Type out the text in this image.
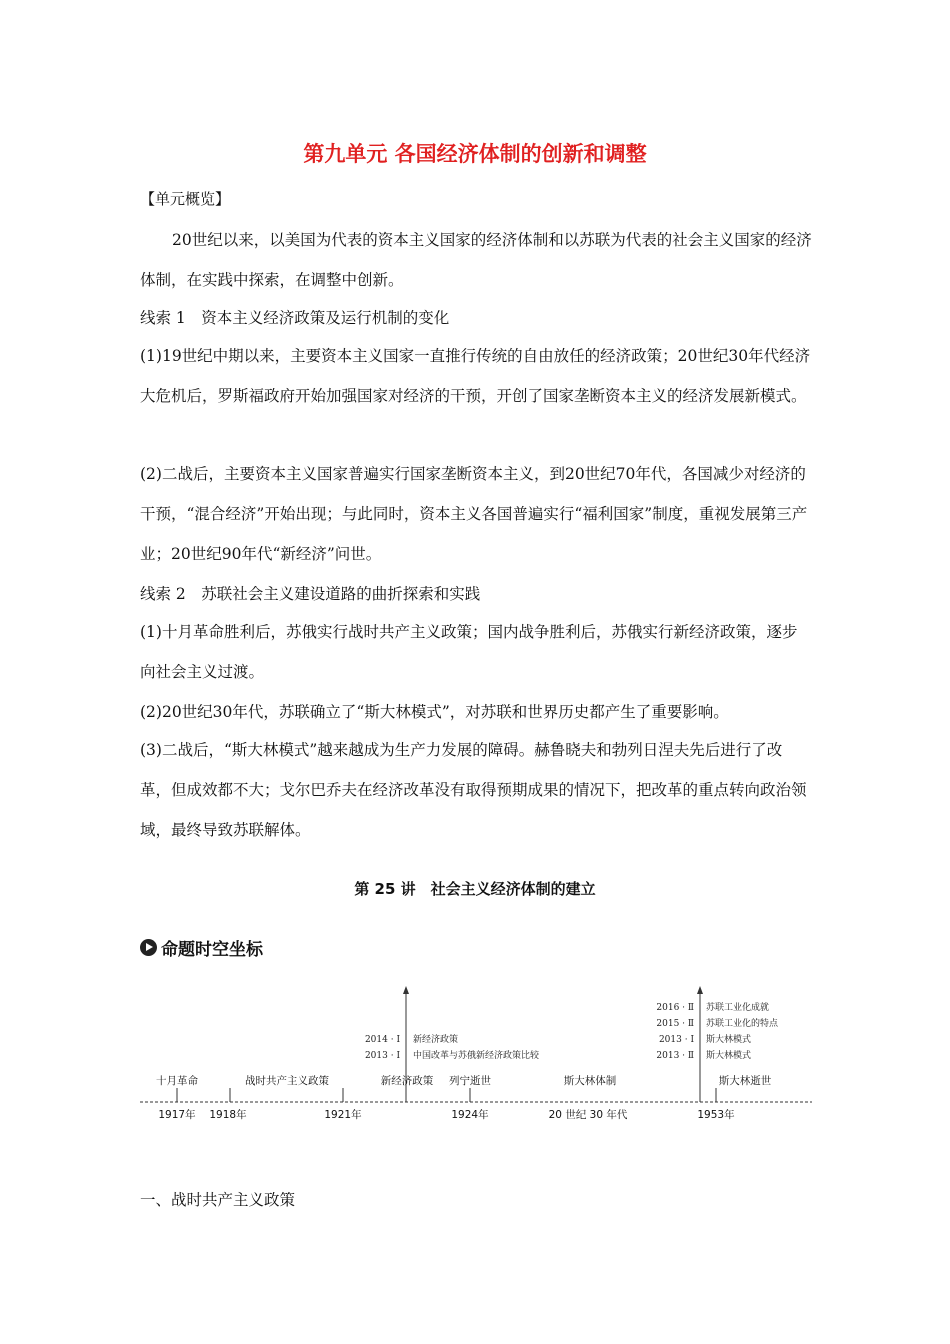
第九单元 各国经济体制的创新和调整
【单元概览】

20世纪以来，以美国为代表的资本主义国家的经济体制和以苏联为代表的社会主义国家的经济体制，在实践中探索，在调整中创新。

线索 1　资本主义经济政策及运行机制的变化

(1)19世纪中期以来，主要资本主义国家一直推行传统的自由放任的经济政策；20世纪30年代经济大危机后，罗斯福政府开始加强国家对经济的干预，开创了国家垄断资本主义的经济发展新模式。

(2)二战后，主要资本主义国家普遍实行国家垄断资本主义，到20世纪70年代，各国减少对经济的干预，“混合经济”开始出现；与此同时，资本主义各国普遍实行“福利国家”制度，重视发展第三产业；20世纪90年代“新经济”问世。

线索 2　苏联社会主义建设道路的曲折探索和实践

(1)十月革命胜利后，苏俄实行战时共产主义政策；国内战争胜利后，苏俄实行新经济政策，逐步向社会主义过渡。

(2)20世纪30年代，苏联确立了“斯大林模式”，对苏联和世界历史都产生了重要影响。

(3)二战后，“斯大林模式”越来越成为生产力发展的障碍。赫鲁晓夫和勃列日涅夫先后进行了改革，但成效都不大；戈尔巴乔夫在经济改革没有取得预期成果的情况下，把改革的重点转向政治领域，最终导致苏联解体。

第 25 讲　社会主义经济体制的建立
命题时空坐标
十月革命	战时共产主义政策	新经济政策 列宁逝世	斯大林体制	斯大林逝世
1917年 1918年	1921年	1924年	20 世纪 30 年代	1953年
2014 · Ⅰ 新经济政策
2013 · Ⅰ 中国改革与苏俄新经济政策比较
2016 · Ⅱ 苏联工业化成就
2015 · Ⅱ 苏联工业化的特点
2013 · Ⅰ 斯大林模式
2013 · Ⅱ 斯大林模式
一、战时共产主义政策
